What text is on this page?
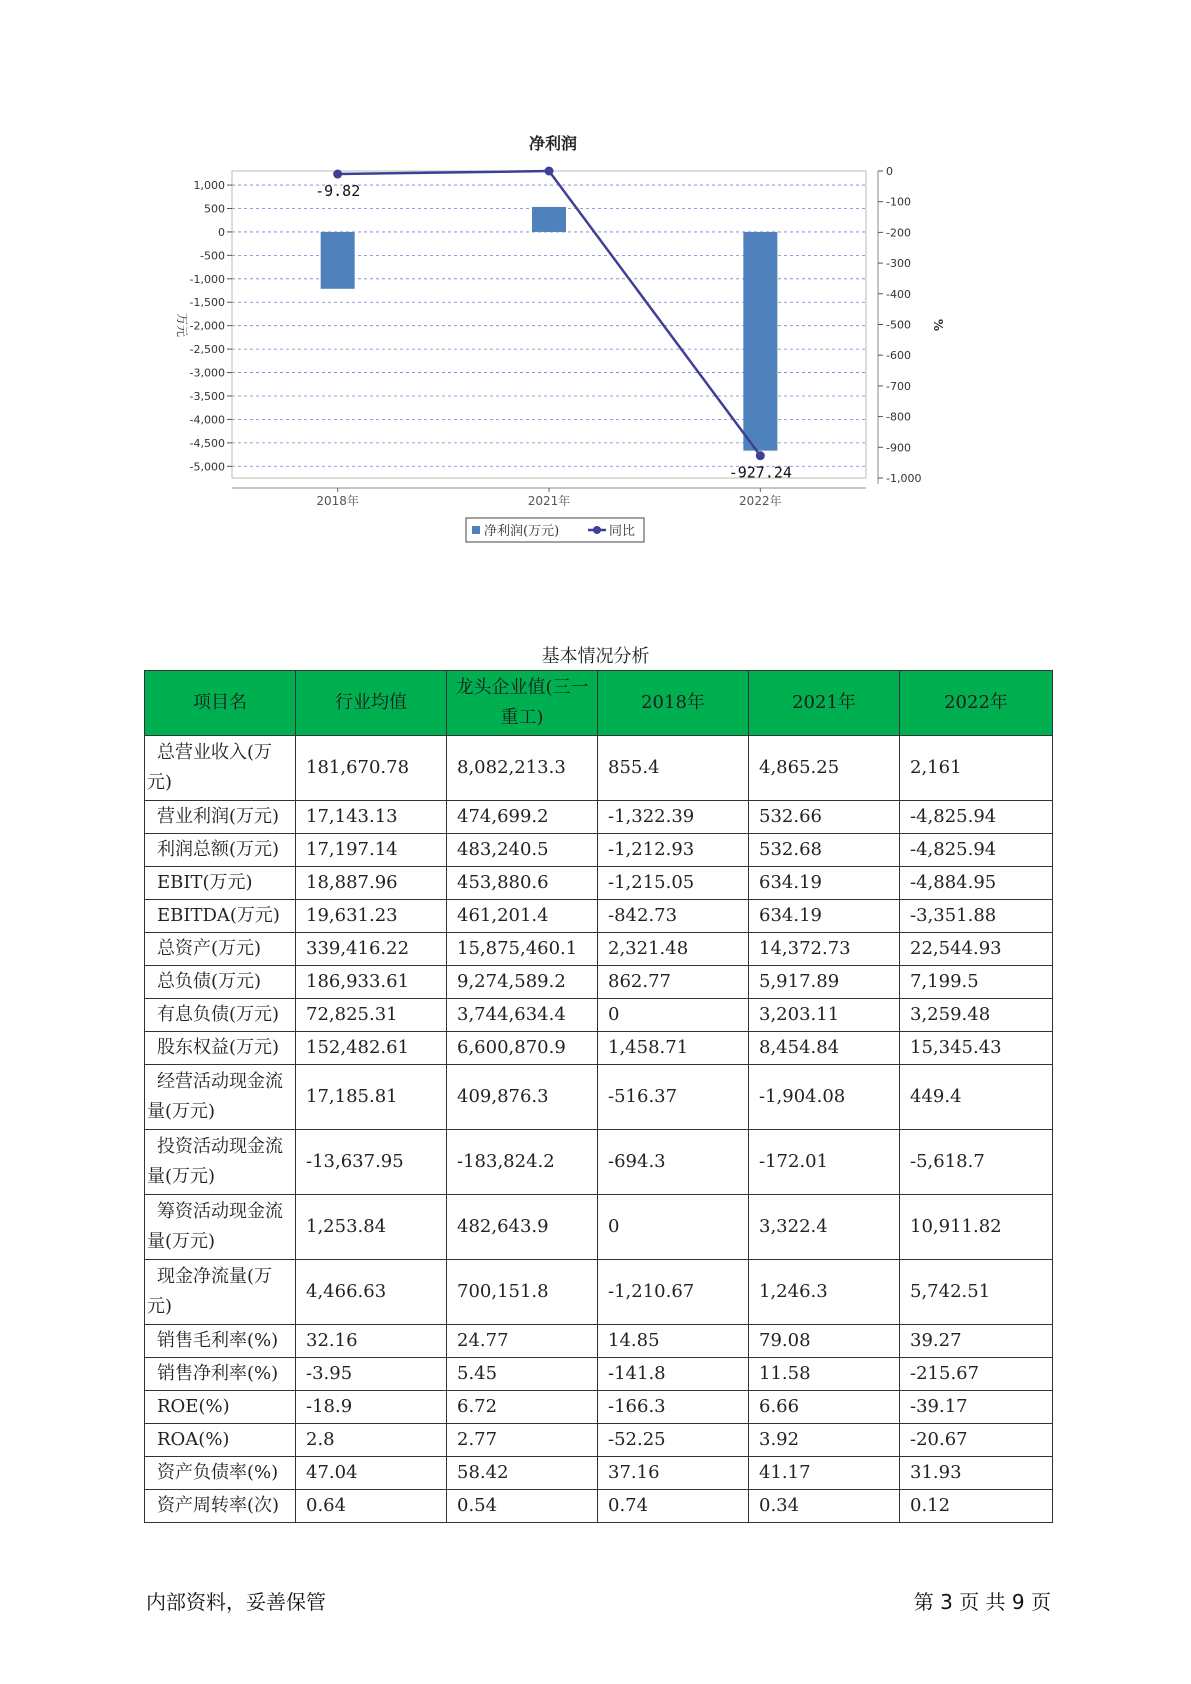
净利润
1,000
500
0
-500
-1,000
-1,500
-2,000
-2,500
-3,000
-3,500
-4,000
-4,500
-5,000
0
-100
-200
-300
-400
-500
-600
-700
-800
-900
-1,000
万元	%
2018年	2021年	2022年
-9.82
-927.24
净利润(万元)	同比
基本情况分析
项目名	行业均值	龙头企业值(三一重工)	2018年	2021年	2022年

总营业收入(万元)	181,670.78	8,082,213.3	855.4	4,865.25	2,161

营业利润(万元)	17,143.13	474,699.2	-1,322.39	532.66	-4,825.94

利润总额(万元)	17,197.14	483,240.5	-1,212.93	532.68	-4,825.94

EBIT(万元)	18,887.96	453,880.6	-1,215.05	634.19	-4,884.95

EBITDA(万元)	19,631.23	461,201.4	-842.73	634.19	-3,351.88

总资产(万元)	339,416.22	15,875,460.1	2,321.48	14,372.73	22,544.93

总负债(万元)	186,933.61	9,274,589.2	862.77	5,917.89	7,199.5

有息负债(万元)	72,825.31	3,744,634.4	0	3,203.11	3,259.48

股东权益(万元)	152,482.61	6,600,870.9	1,458.71	8,454.84	15,345.43

经营活动现金流量(万元)	17,185.81	409,876.3	-516.37	-1,904.08	449.4

投资活动现金流量(万元)	-13,637.95	-183,824.2	-694.3	-172.01	-5,618.7

筹资活动现金流量(万元)	1,253.84	482,643.9	0	3,322.4	10,911.82

现金净流量(万元)	4,466.63	700,151.8	-1,210.67	1,246.3	5,742.51

销售毛利率(%)	32.16	24.77	14.85	79.08	39.27

销售净利率(%)	-3.95	5.45	-141.8	11.58	-215.67

ROE(%)	-18.9	6.72	-166.3	6.66	-39.17

ROA(%)	2.8	2.77	-52.25	3.92	-20.67

资产负债率(%)	47.04	58.42	37.16	41.17	31.93

资产周转率(次)	0.64	0.54	0.74	0.34	0.12
内部资料，妥善保管	第 3 页 共 9 页
